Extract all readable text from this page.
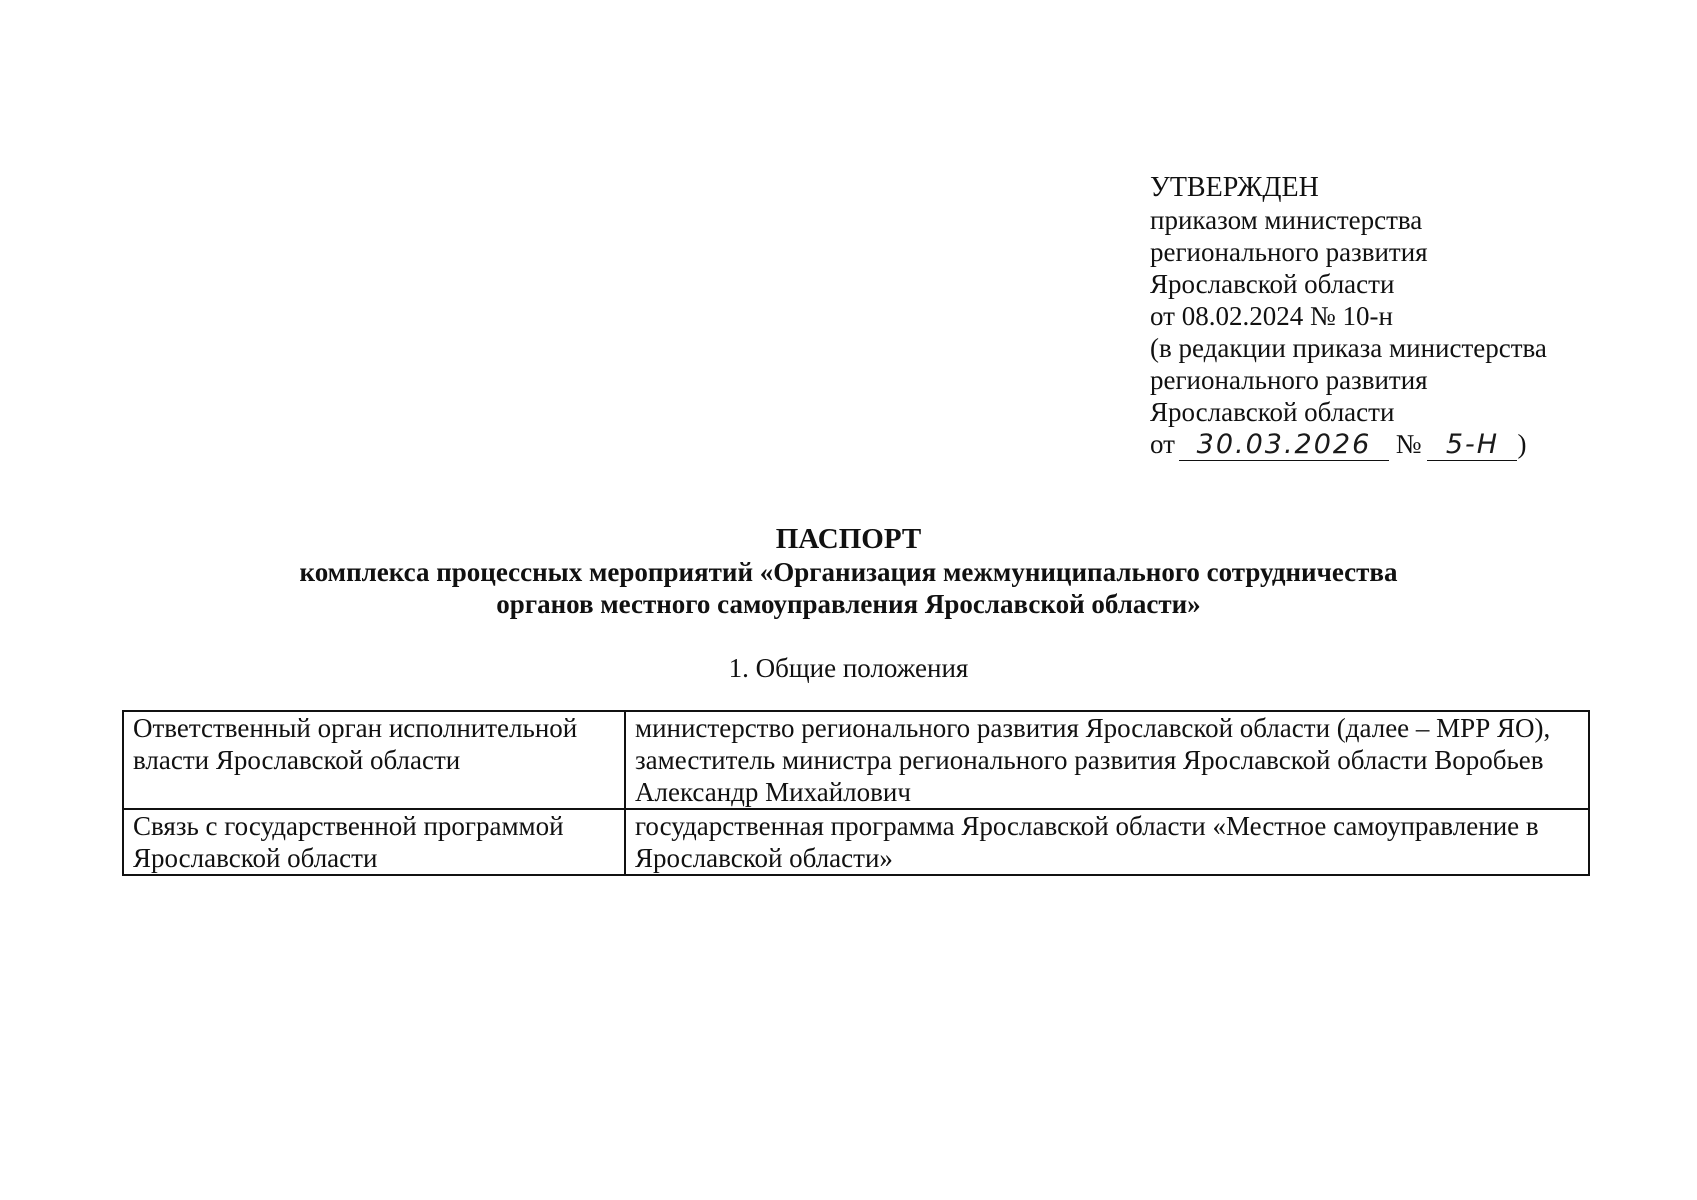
УТВЕРЖДЕН
приказом министерства
регионального развития
Ярославской области
от 08.02.2024 № 10-н
(в редакции приказа министерства
регионального развития
Ярославской области
от 30.03.2026 № 5-Н )
ПАСПОРТ
комплекса процессных мероприятий «Организация межмуниципального сотрудничества
органов местного самоуправления Ярославской области»
1. Общие положения
Ответственный орган исполнительной власти Ярославской области	министерство регионального развития Ярославской области (далее – МРР ЯО), заместитель министра регионального развития Ярославской области Воробьев Александр Михайлович
Связь с государственной программой Ярославской области	государственная программа Ярославской области «Местное самоуправление в Ярославской области»
